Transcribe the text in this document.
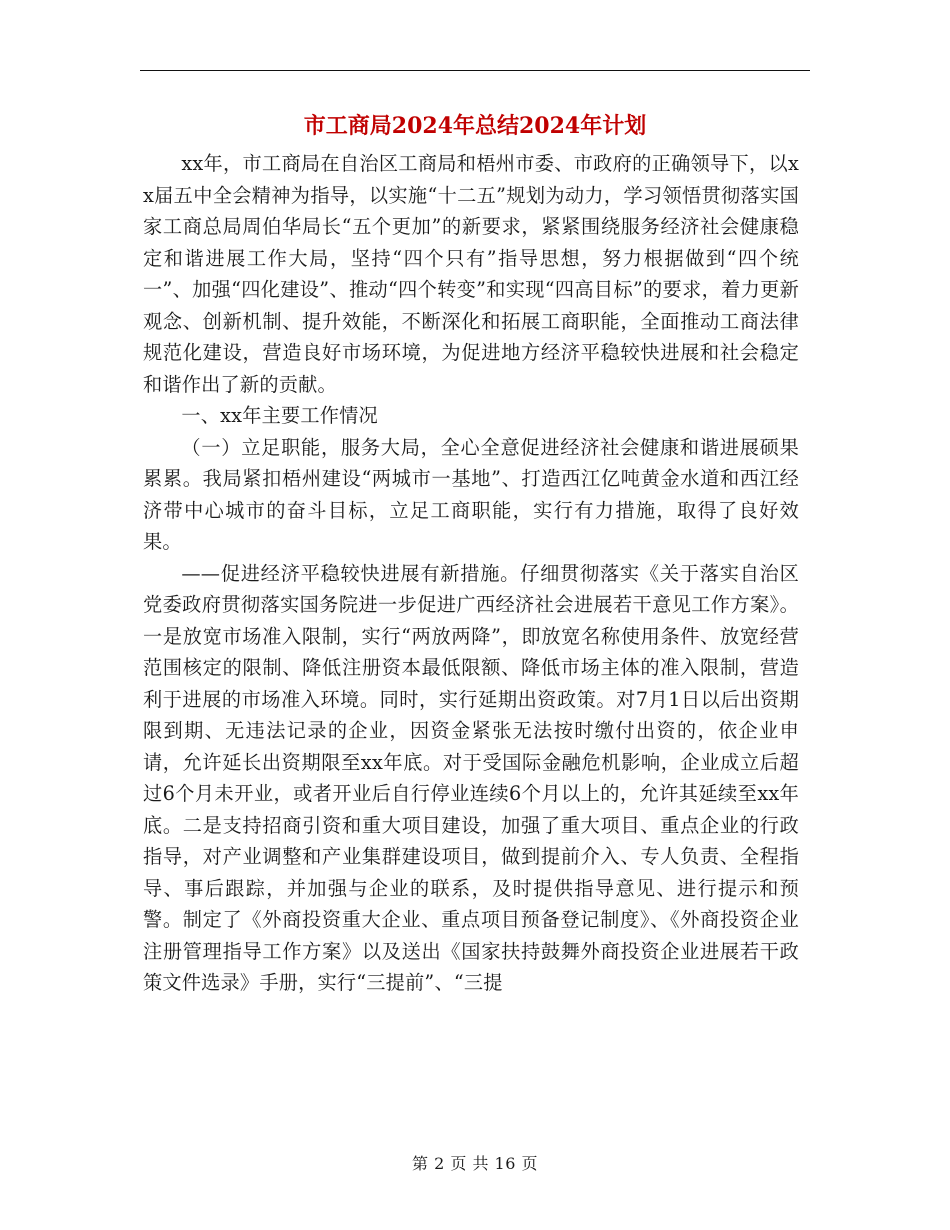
市工商局2024年总结2024年计划

xx年，市工商局在自治区工商局和梧州市委、市政府的正确领导下，以xx届五中全会精神为指导，以实施“十二五”规划为动力，学习领悟贯彻落实国家工商总局周伯华局长“五个更加”的新要求，紧紧围绕服务经济社会健康稳定和谐进展工作大局，坚持“四个只有”指导思想，努力根据做到“四个统一”、加强“四化建设”、推动“四个转变”和实现“四高目标”的要求，着力更新观念、创新机制、提升效能，不断深化和拓展工商职能，全面推动工商法律规范化建设，营造良好市场环境，为促进地方经济平稳较快进展和社会稳定和谐作出了新的贡献。

一、xx年主要工作情况

（一）立足职能，服务大局，全心全意促进经济社会健康和谐进展硕果累累。我局紧扣梧州建设“两城市一基地”、打造西江亿吨黄金水道和西江经济带中心城市的奋斗目标，立足工商职能，实行有力措施，取得了良好效果。

——促进经济平稳较快进展有新措施。仔细贯彻落实《关于落实自治区党委政府贯彻落实国务院进一步促进广西经济社会进展若干意见工作方案》。一是放宽市场准入限制，实行“两放两降”，即放宽名称使用条件、放宽经营范围核定的限制、降低注册资本最低限额、降低市场主体的准入限制，营造利于进展的市场准入环境。同时，实行延期出资政策。对7月1日以后出资期限到期、无违法记录的企业，因资金紧张无法按时缴付出资的，依企业申请，允许延长出资期限至xx年底。对于受国际金融危机影响，企业成立后超过6个月未开业，或者开业后自行停业连续6个月以上的，允许其延续至xx年底。二是支持招商引资和重大项目建设，加强了重大项目、重点企业的行政指导，对产业调整和产业集群建设项目，做到提前介入、专人负责、全程指导、事后跟踪，并加强与企业的联系，及时提供指导意见、进行提示和预警。制定了《外商投资重大企业、重点项目预备登记制度》、《外商投资企业注册管理指导工作方案》以及送出《国家扶持鼓舞外商投资企业进展若干政策文件选录》手册，实行“三提前”、“三提

第 2 页 共 16 页
